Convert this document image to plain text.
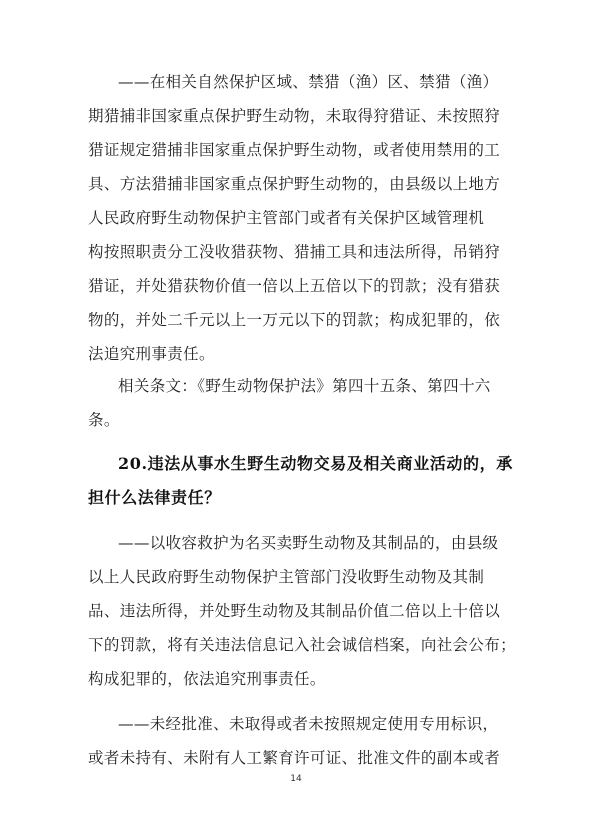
——在相关自然保护区域、禁猎（渔）区、禁猎（渔）
期猎捕非国家重点保护野生动物，未取得狩猎证、未按照狩
猎证规定猎捕非国家重点保护野生动物，或者使用禁用的工
具、方法猎捕非国家重点保护野生动物的，由县级以上地方
人民政府野生动物保护主管部门或者有关保护区域管理机
构按照职责分工没收猎获物、猎捕工具和违法所得，吊销狩
猎证，并处猎获物价值一倍以上五倍以下的罚款；没有猎获
物的，并处二千元以上一万元以下的罚款；构成犯罪的，依
法追究刑事责任。
相关条文：《野生动物保护法》第四十五条、第四十六
条。
20.违法从事水生野生动物交易及相关商业活动的，承
担什么法律责任？
——以收容救护为名买卖野生动物及其制品的，由县级
以上人民政府野生动物保护主管部门没收野生动物及其制
品、违法所得，并处野生动物及其制品价值二倍以上十倍以
下的罚款，将有关违法信息记入社会诚信档案，向社会公布；
构成犯罪的，依法追究刑事责任。
——未经批准、未取得或者未按照规定使用专用标识，
或者未持有、未附有人工繁育许可证、批准文件的副本或者
14
